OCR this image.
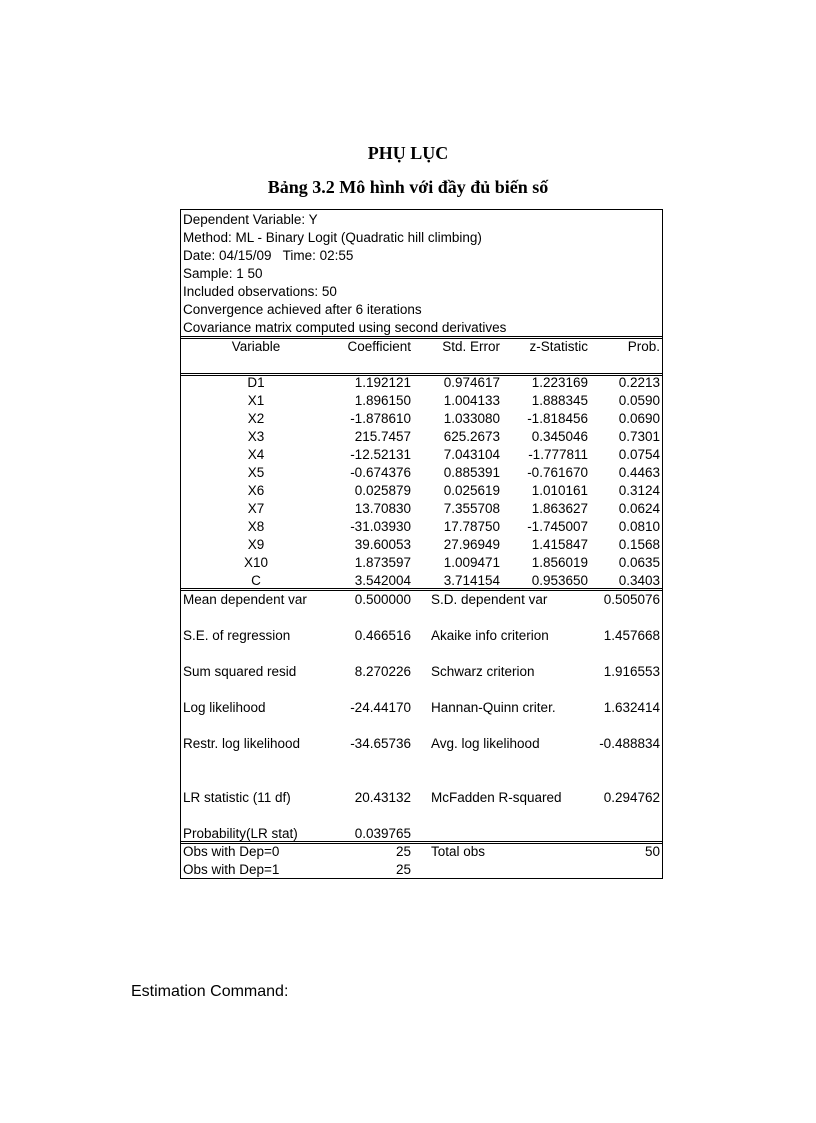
PHỤ LỤC
Bảng 3.2 Mô hình với đầy đủ biến số
Dependent Variable: Y
Method: ML - Binary Logit (Quadratic hill climbing)
Date: 04/15/09   Time: 02:55
Sample: 1 50
Included observations: 50
Convergence achieved after 6 iterations
Covariance matrix computed using second derivatives
Variable	Coefficient	Std. Error	z-Statistic	Prob.
D1	1.192121	0.974617	1.223169	0.2213
X1	1.896150	1.004133	1.888345	0.0590
X2	-1.878610	1.033080	-1.818456	0.0690
X3	215.7457	625.2673	0.345046	0.7301
X4	-12.52131	7.043104	-1.777811	0.0754
X5	-0.674376	0.885391	-0.761670	0.4463
X6	0.025879	0.025619	1.010161	0.3124
X7	13.70830	7.355708	1.863627	0.0624
X8	-31.03930	17.78750	-1.745007	0.0810
X9	39.60053	27.96949	1.415847	0.1568
X10	1.873597	1.009471	1.856019	0.0635
C	3.542004	3.714154	0.953650	0.3403
Mean dependent var	0.500000 S.D. dependent var	0.505076
S.E. of regression	0.466516 Akaike info criterion	1.457668
Sum squared resid	8.270226 Schwarz criterion	1.916553
Log likelihood	-24.44170 Hannan-Quinn criter.	1.632414
Restr. log likelihood	-34.65736 Avg. log likelihood	-0.488834
LR statistic (11 df)	20.43132 McFadden R-squared	0.294762
Probability(LR stat)	0.039765
Obs with Dep=0	25 Total obs	50
Obs with Dep=1	25
Estimation Command:
